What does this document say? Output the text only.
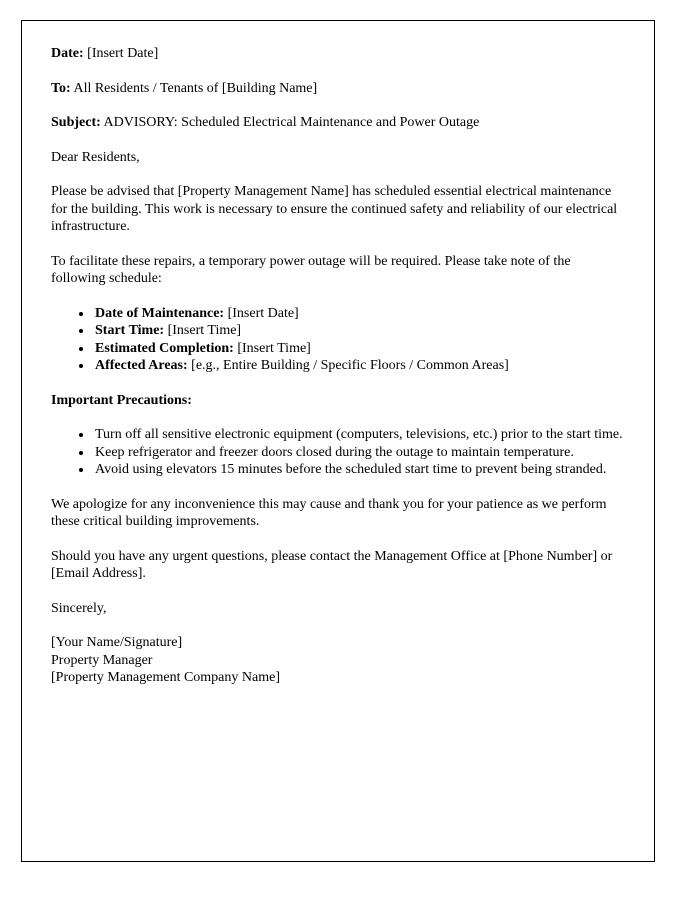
Date: [Insert Date]

To: All Residents / Tenants of [Building Name]

Subject: ADVISORY: Scheduled Electrical Maintenance and Power Outage

Dear Residents,

Please be advised that [Property Management Name] has scheduled essential electrical maintenance for the building. This work is necessary to ensure the continued safety and reliability of our electrical infrastructure.

To facilitate these repairs, a temporary power outage will be required. Please take note of the following schedule:

• Date of Maintenance: [Insert Date]
• Start Time: [Insert Time]
• Estimated Completion: [Insert Time]
• Affected Areas: [e.g., Entire Building / Specific Floors / Common Areas]

Important Precautions:

• Turn off all sensitive electronic equipment (computers, televisions, etc.) prior to the start time.
• Keep refrigerator and freezer doors closed during the outage to maintain temperature.
• Avoid using elevators 15 minutes before the scheduled start time to prevent being stranded.

We apologize for any inconvenience this may cause and thank you for your patience as we perform these critical building improvements.

Should you have any urgent questions, please contact the Management Office at [Phone Number] or [Email Address].

Sincerely,

[Your Name/Signature]

Property Manager

[Property Management Company Name]
